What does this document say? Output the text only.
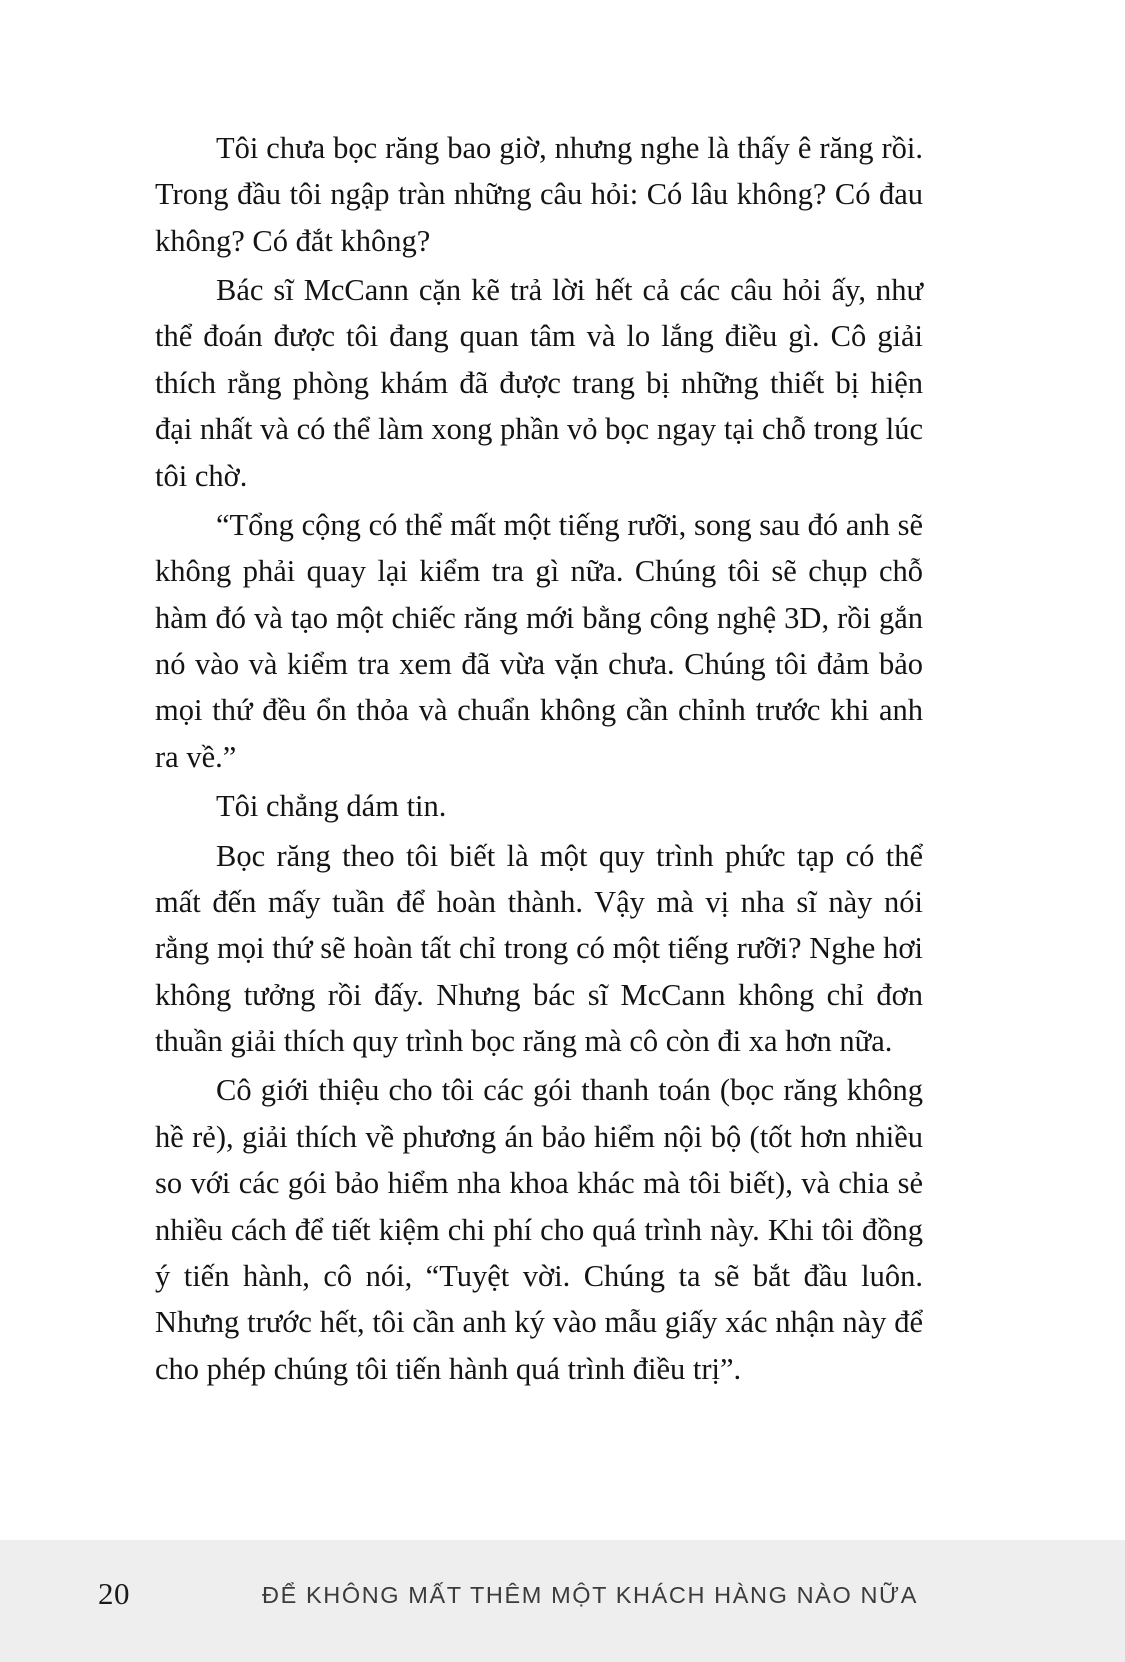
Tôi chưa bọc răng bao giờ, nhưng nghe là thấy ê răng rồi. Trong đầu tôi ngập tràn những câu hỏi: Có lâu không? Có đau không? Có đắt không?

Bác sĩ McCann cặn kẽ trả lời hết cả các câu hỏi ấy, như thể đoán được tôi đang quan tâm và lo lắng điều gì. Cô giải thích rằng phòng khám đã được trang bị những thiết bị hiện đại nhất và có thể làm xong phần vỏ bọc ngay tại chỗ trong lúc tôi chờ.

“Tổng cộng có thể mất một tiếng rưỡi, song sau đó anh sẽ không phải quay lại kiểm tra gì nữa. Chúng tôi sẽ chụp chỗ hàm đó và tạo một chiếc răng mới bằng công nghệ 3D, rồi gắn nó vào và kiểm tra xem đã vừa vặn chưa. Chúng tôi đảm bảo mọi thứ đều ổn thỏa và chuẩn không cần chỉnh trước khi anh ra về.”

Tôi chẳng dám tin.

Bọc răng theo tôi biết là một quy trình phức tạp có thể mất đến mấy tuần để hoàn thành. Vậy mà vị nha sĩ này nói rằng mọi thứ sẽ hoàn tất chỉ trong có một tiếng rưỡi? Nghe hơi không tưởng rồi đấy. Nhưng bác sĩ McCann không chỉ đơn thuần giải thích quy trình bọc răng mà cô còn đi xa hơn nữa.

Cô giới thiệu cho tôi các gói thanh toán (bọc răng không hề rẻ), giải thích về phương án bảo hiểm nội bộ (tốt hơn nhiều so với các gói bảo hiểm nha khoa khác mà tôi biết), và chia sẻ nhiều cách để tiết kiệm chi phí cho quá trình này. Khi tôi đồng ý tiến hành, cô nói, “Tuyệt vời. Chúng ta sẽ bắt đầu luôn. Nhưng trước hết, tôi cần anh ký vào mẫu giấy xác nhận này để cho phép chúng tôi tiến hành quá trình điều trị”.

20	ĐỂ KHÔNG MẤT THÊM MỘT KHÁCH HÀNG NÀO NỮA
